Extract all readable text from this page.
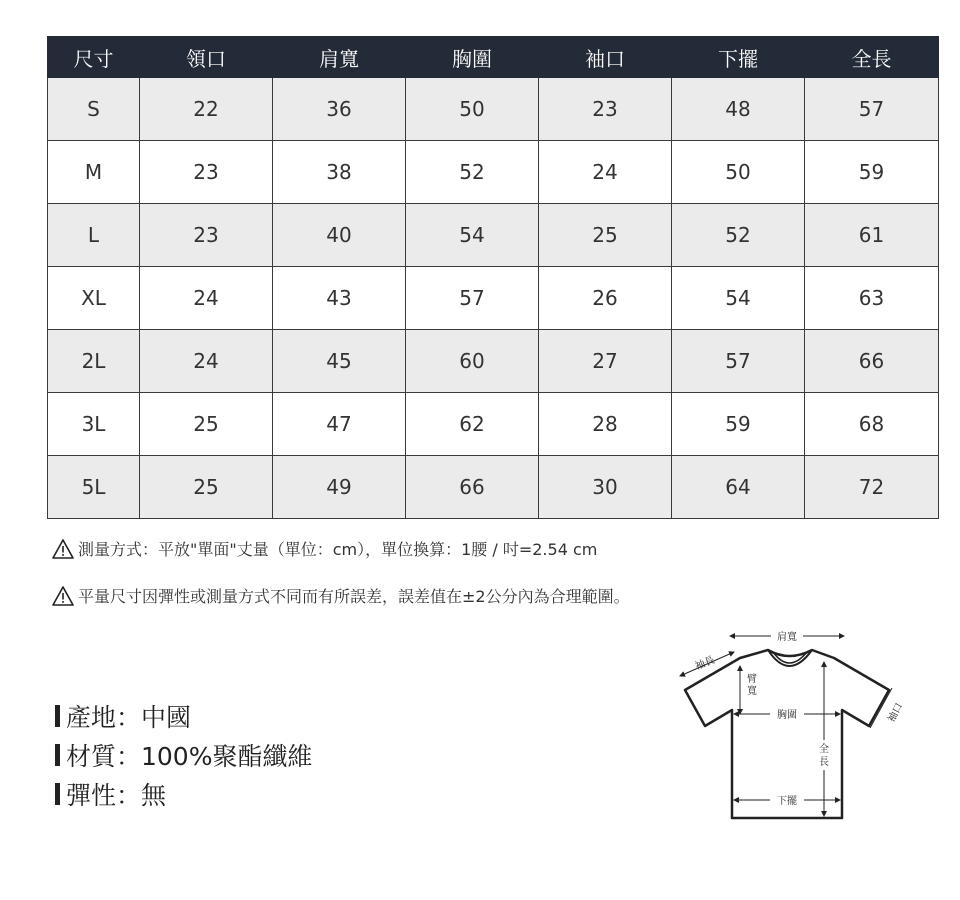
尺寸	領口	肩寬	胸圍	袖口	下擺	全長
S	22	36	50	23	48	57
M	23	38	52	24	50	59
L	23	40	54	25	52	61
XL	24	43	57	26	54	63
2L	24	45	60	27	57	66
3L	25	47	62	28	59	68
5L	25	49	66	30	64	72
測量方式：平放"單面"丈量（單位：cm），單位換算：1腰 / 吋=2.54 cm
平量尺寸因彈性或測量方式不同而有所誤差，誤差值在±2公分內為合理範圍。
產地：中國
材質：100%聚酯纖維
彈性：無
肩寬
袖長
臂
寬
胸圍	袖口
全
長
下擺
